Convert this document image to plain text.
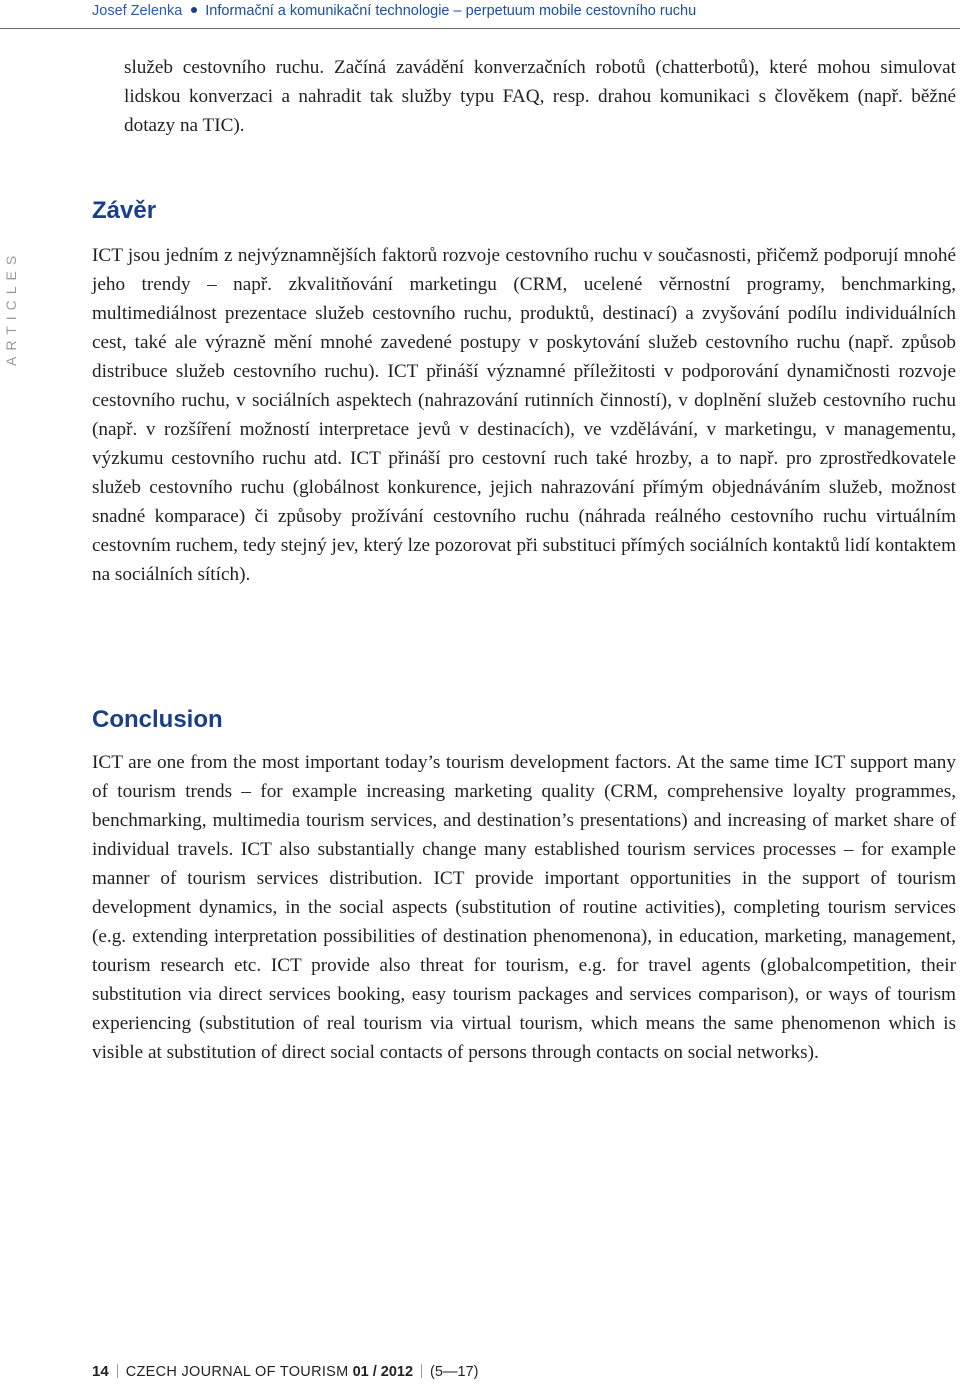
Josef Zelenka Informační a komunikační technologie – perpetuum mobile cestovního ruchu
ARTICLES

služeb cestovního ruchu. Začíná zavádění konverzačních robotů (chatterbotů), které mohou simulovat lidskou konverzaci a nahradit tak služby typu FAQ, resp. drahou komunikaci s člověkem (např. běžné dotazy na TIC).

Závěr

ICT jsou jedním z nejvýznamnějších faktorů rozvoje cestovního ruchu v současnosti, přičemž podporují mnohé jeho trendy – např. zkvalitňování marketingu (CRM, ucelené věrnostní programy, benchmarking, multimediálnost prezentace služeb cestovního ruchu, produktů, destinací) a zvyšování podílu individuálních cest, také ale výrazně mění mnohé zavedené postupy v poskytování služeb cestovního ruchu (např. způsob distribuce služeb cestovního ruchu). ICT přináší významné příležitosti v podporování dynamičnosti rozvoje cestovního ruchu, v sociálních aspektech (nahrazování rutinních činností), v doplnění služeb cestovního ruchu (např. v rozšíření možností interpretace jevů v destinacích), ve vzdělávání, v marketingu, v managementu, výzkumu cestovního ruchu atd. ICT přináší pro cestovní ruch také hrozby, a to např. pro zprostředkovatele služeb cestovního ruchu (globálnost konkurence, jejich nahrazování přímým objednáváním služeb, možnost snadné komparace) či způsoby prožívání cestovního ruchu (náhrada reálného cestovního ruchu virtuálním cestovním ruchem, tedy stejný jev, který lze pozorovat při substituci přímých sociálních kontaktů lidí kontaktem na sociálních sítích).

Conclusion

ICT are one from the most important today’s tourism development factors. At the same time ICT support many of tourism trends – for example increasing marketing quality (CRM, comprehensive loyalty programmes, benchmarking, multimedia tourism services, and destination’s presentations) and increasing of market share of individual travels. ICT also substantially change many established tourism services processes – for example manner of tourism services distribution. ICT provide important opportunities in the support of tourism development dynamics, in the social aspects (substitution of routine activities), completing tourism services (e.g. extending interpretation possibilities of destination phenomenona), in education, marketing, management, tourism research etc. ICT provide also threat for tourism, e.g. for travel agents (globalcompetition, their substitution via direct services booking, easy tourism packages and services comparison), or ways of tourism experiencing (substitution of real tourism via virtual tourism, which means the same phenomenon which is visible at substitution of direct social contacts of persons through contacts on social networks).

14 CZECH JOURNAL OF TOURISM 01 / 2012 (5—17)
